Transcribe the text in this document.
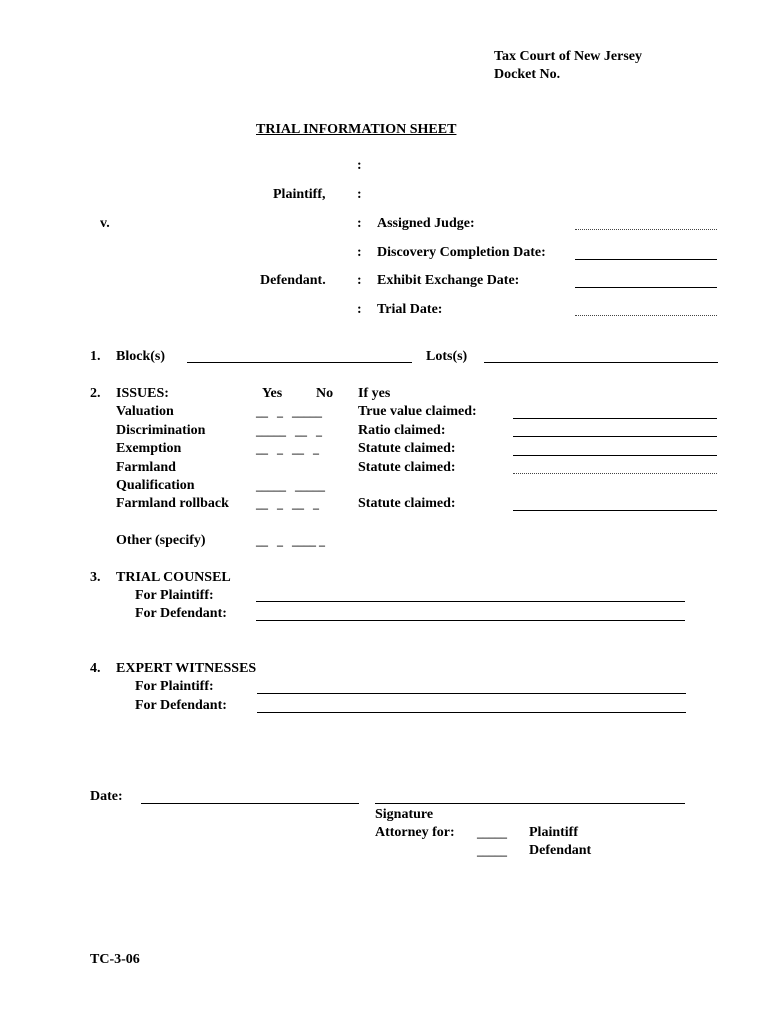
Tax Court of New Jersey
Docket No.
TRIAL INFORMATION SHEET
:
Plaintiff, :
v.	: Assigned Judge:
: Discovery Completion Date:
Defendant. : Exhibit Exchange Date:
: Trial Date:
1. Block(s)	Lots(s)
2. ISSUES:	Yes No If yes
Valuation	__   _   _____	True value claimed:
Discrimination	_____   __   _	Ratio claimed:
Exemption	__   _   __   _	Statute claimed:
Farmland	Statute claimed:
Qualification	_____   _____
Farmland rollback __   _   __   _	Statute claimed:
Other (specify)	__   _   ____ _
3. TRIAL COUNSEL
For Plaintiff:
For Defendant:
4. EXPERT WITNESSES
For Plaintiff:
For Defendant:
Date:
Signature
Attorney for: _____ Plaintiff
_____ Defendant
TC-3-06
